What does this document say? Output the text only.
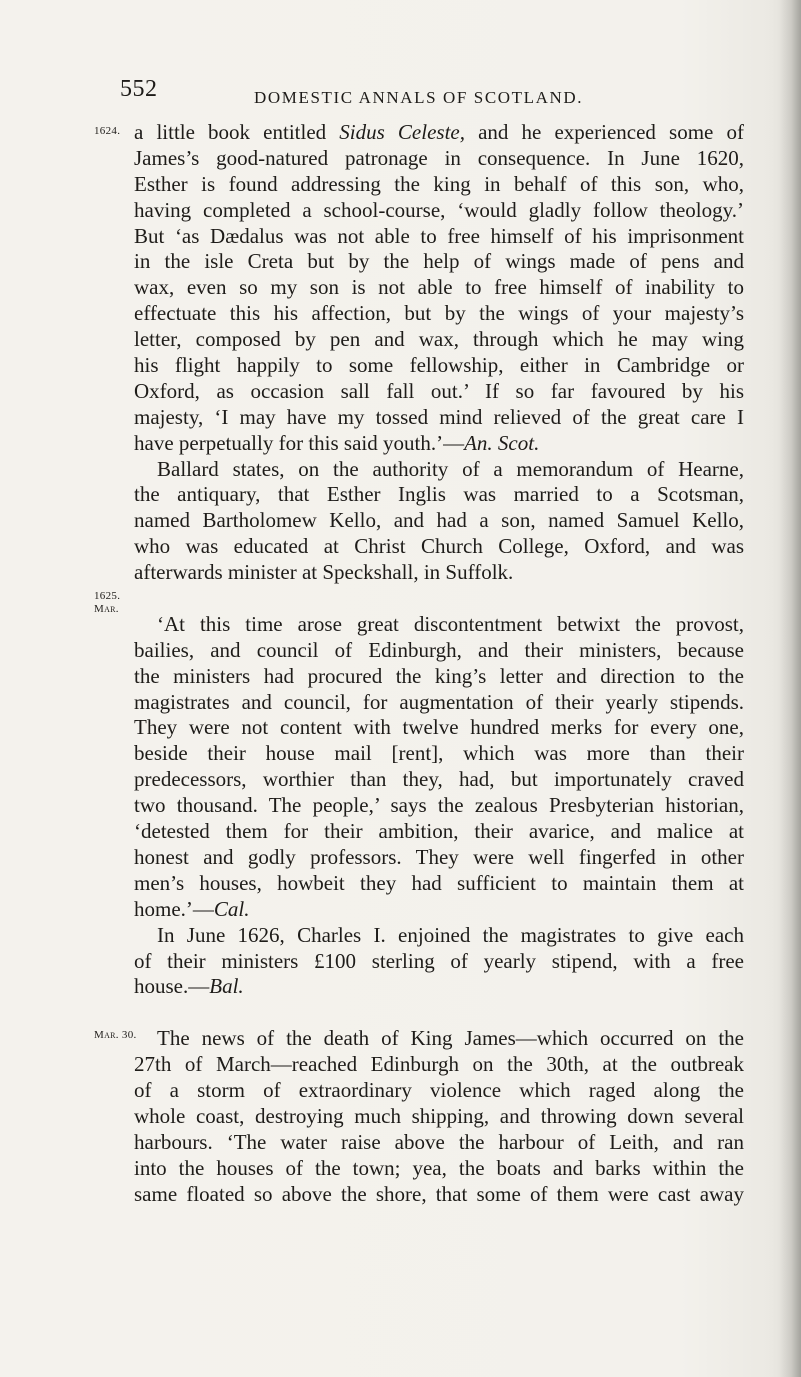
552	DOMESTIC ANNALS OF SCOTLAND.
1624.
1625.
Mar.
Mar. 30.
a little book entitled Sidus Celeste, and he experienced some of
James’s good-natured patronage in consequence. In June 1620,
Esther is found addressing the king in behalf of this son, who,
having completed a school-course, ‘would gladly follow theology.’
But ‘as Dædalus was not able to free himself of his imprisonment
in the isle Creta but by the help of wings made of pens and
wax, even so my son is not able to free himself of inability to
effectuate this his affection, but by the wings of your majesty’s
letter, composed by pen and wax, through which he may wing
his flight happily to some fellowship, either in Cambridge or
Oxford, as occasion sall fall out.’ If so far favoured by his
majesty, ‘I may have my tossed mind relieved of the great care I
have perpetually for this said youth.’—An. Scot.
Ballard states, on the authority of a memorandum of Hearne,
the antiquary, that Esther Inglis was married to a Scotsman,
named Bartholomew Kello, and had a son, named Samuel Kello,
who was educated at Christ Church College, Oxford, and was
afterwards minister at Speckshall, in Suffolk.
‘At this time arose great discontentment betwixt the provost,
bailies, and council of Edinburgh, and their ministers, because
the ministers had procured the king’s letter and direction to the
magistrates and council, for augmentation of their yearly stipends.
They were not content with twelve hundred merks for every one,
beside their house mail [rent], which was more than their
predecessors, worthier than they, had, but importunately craved
two thousand. The people,’ says the zealous Presbyterian historian,
‘detested them for their ambition, their avarice, and malice at
honest and godly professors. They were well fingerfed in other
men’s houses, howbeit they had sufficient to maintain them at
home.’—Cal.
In June 1626, Charles I. enjoined the magistrates to give each
of their ministers £100 sterling of yearly stipend, with a free
house.—Bal.
The news of the death of King James—which occurred on the
27th of March—reached Edinburgh on the 30th, at the outbreak
of a storm of extraordinary violence which raged along the
whole coast, destroying much shipping, and throwing down several
harbours. ‘The water raise above the harbour of Leith, and ran
into the houses of the town; yea, the boats and barks within the
same floated so above the shore, that some of them were cast away
